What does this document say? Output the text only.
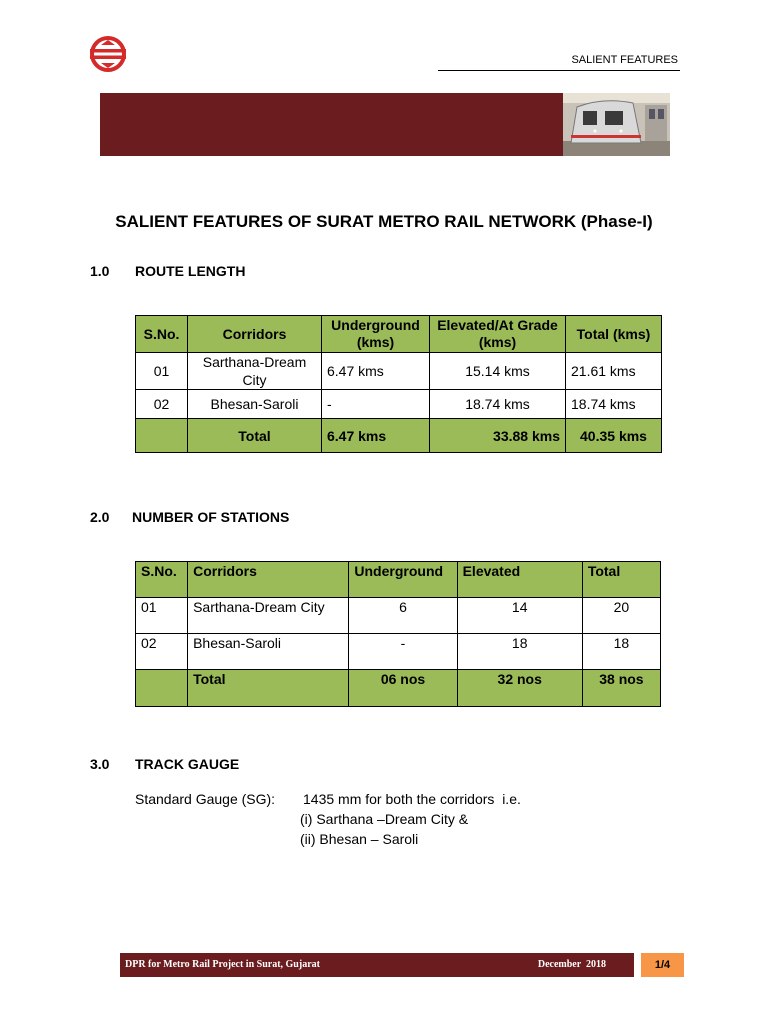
SALIENT FEATURES
SALIENT FEATURES OF SURAT METRO RAIL NETWORK (Phase-I)
1.0 ROUTE LENGTH
S.No.	Corridors	Underground (kms)	Elevated/At Grade (kms)	Total (kms)
01	Sarthana-Dream City	6.47 kms	15.14 kms	21.61 kms
02	Bhesan-Saroli	-	18.74 kms	18.74 kms
	Total	6.47 kms	33.88 kms	40.35 kms
2.0 NUMBER OF STATIONS
S.No.	Corridors	Underground	Elevated	Total
01	Sarthana-Dream City	6	14	20
02	Bhesan-Saroli	-	18	18
	Total	06 nos	32 nos	38 nos
3.0 TRACK GAUGE
Standard Gauge (SG): 1435 mm for both the corridors  i.e.
(i) Sarthana –Dream City &
(ii) Bhesan – Saroli
DPR for Metro Rail Project in Surat, Gujarat	December  2018	1/4
